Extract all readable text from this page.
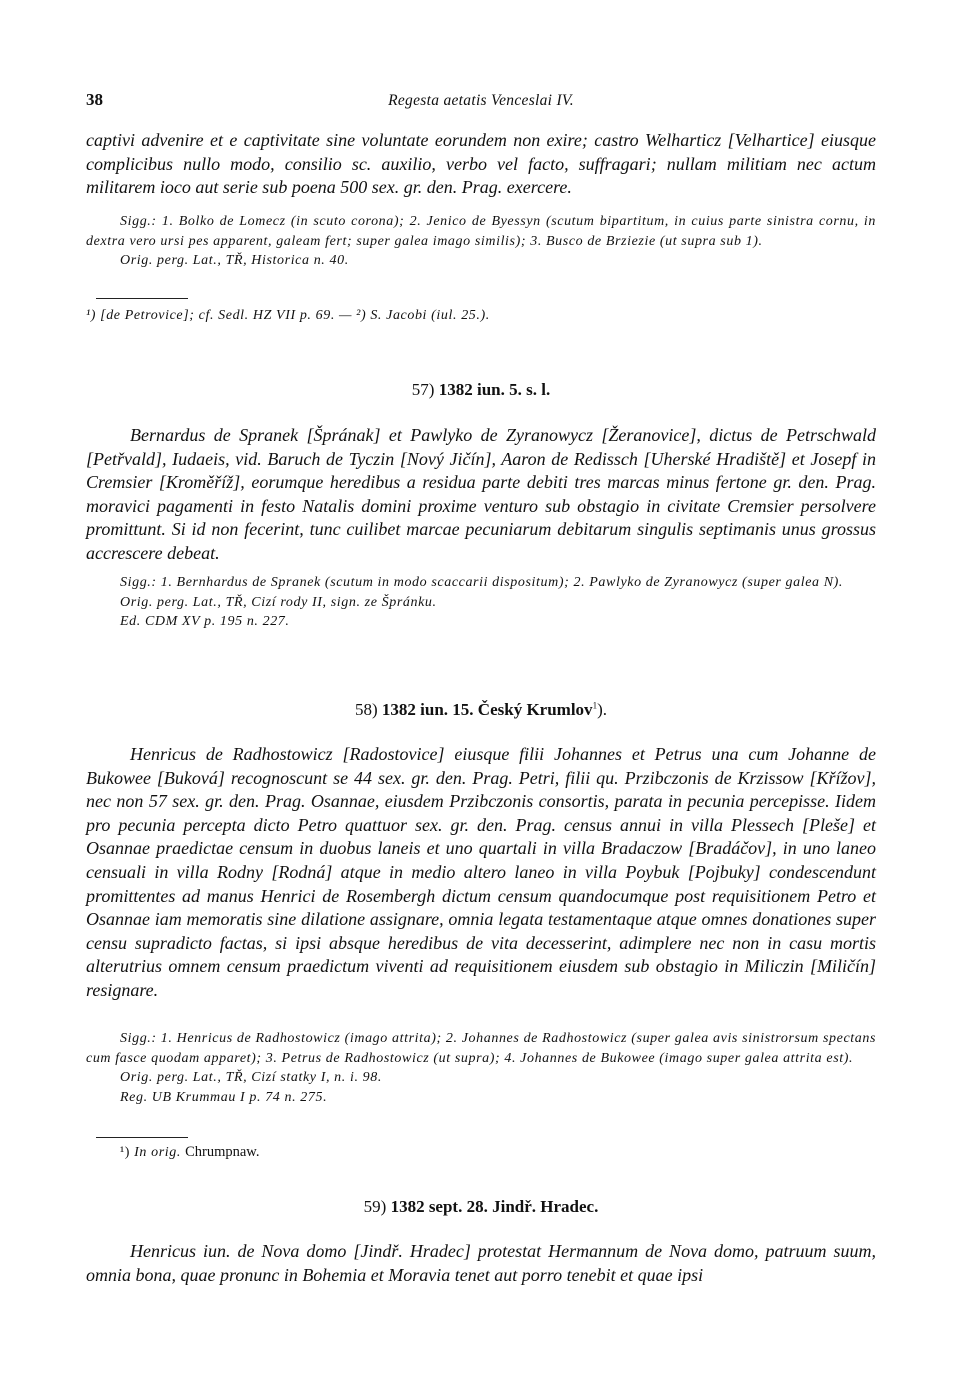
38	Regesta aetatis Venceslai IV.

captivi advenire et e captivitate sine voluntate eorundem non exire; castro Welharticz [Velhartice] eiusque complicibus nullo modo, consilio sc. auxilio, verbo vel facto, suffragari; nullam militiam nec actum militarem ioco aut serie sub poena 500 sex. gr. den. Prag. exercere.

Sigg.: 1. Bolko de Lomecz (in scuto corona); 2. Jenico de Byessyn (scutum bipartitum, in cuius parte sinistra cornu, in dextra vero ursi pes apparent, galeam fert; super galea imago similis); 3. Busco de Brziezie (ut supra sub 1).

Orig. perg. Lat., TŘ, Historica n. 40.

¹) [de Petrovice]; cf. Sedl. HZ VII p. 69. — ²) S. Jacobi (iul. 25.).

57) 1382 iun. 5. s. l.

Bernardus de Spranek [Šprának] et Pawlyko de Zyranowycz [Žeranovice], dictus de Petrschwald [Petřvald], Iudaeis, vid. Baruch de Tyczin [Nový Jičín], Aaron de Redissch [Uherské Hradiště] et Josepf in Cremsier [Kroměříž], eorumque heredibus a residua parte debiti tres marcas minus fertone gr. den. Prag. moravici pagamenti in festo Natalis domini proxime venturo sub obstagio in civitate Cremsier persolvere promittunt. Si id non fecerint, tunc cuilibet marcae pecuniarum debitarum singulis septimanis unus grossus accrescere debeat.

Sigg.: 1. Bernhardus de Spranek (scutum in modo scaccarii dispositum); 2. Pawlyko de Zyranowycz (super galea N).

Orig. perg. Lat., TŘ, Cizí rody II, sign. ze Špránku.

Ed. CDM XV p. 195 n. 227.

58) 1382 iun. 15. Český Krumlov$^1$).

Henricus de Radhostowicz [Radostovice] eiusque filii Johannes et Petrus una cum Johanne de Bukowee [Buková] recognoscunt se 44 sex. gr. den. Prag. Petri, filii qu. Przibczonis de Krzissow [Křížov], nec non 57 sex. gr. den. Prag. Osannae, eiusdem Przibczonis consortis, parata in pecunia percepisse. Iidem pro pecunia percepta dicto Petro quattuor sex. gr. den. Prag. census annui in villa Plessech [Pleše] et Osannae praedictae censum in duobus laneis et uno quartali in villa Bradaczow [Bradáčov], in uno laneo censuali in villa Rodny [Rodná] atque in medio altero laneo in villa Poybuk [Pojbuky] condescendunt promittentes ad manus Henrici de Rosembergh dictum censum quandocumque post requisitionem Petro et Osannae iam memoratis sine dilatione assignare, omnia legata testamentaque atque omnes donationes super censu supradicto factas, si ipsi absque heredibus de vita decesserint, adimplere nec non in casu mortis alterutrius omnem censum praedictum viventi ad requisitionem eiusdem sub obstagio in Miliczin [Miličín] resignare.

Sigg.: 1. Henricus de Radhostowicz (imago attrita); 2. Johannes de Radhostowicz (super galea avis sinistrorsum spectans cum fasce quodam apparet); 3. Petrus de Radhostowicz (ut supra); 4. Johannes de Bukowee (imago super galea attrita est).

Orig. perg. Lat., TŘ, Cizí statky I, n. i. 98.

Reg. UB Krummau I p. 74 n. 275.

¹) In orig. Chrumpnaw.

59) 1382 sept. 28. Jindř. Hradec.

Henricus iun. de Nova domo [Jindř. Hradec] protestat Hermannum de Nova domo, patruum suum, omnia bona, quae pronunc in Bohemia et Moravia tenet aut porro tenebit et quae ipsi
